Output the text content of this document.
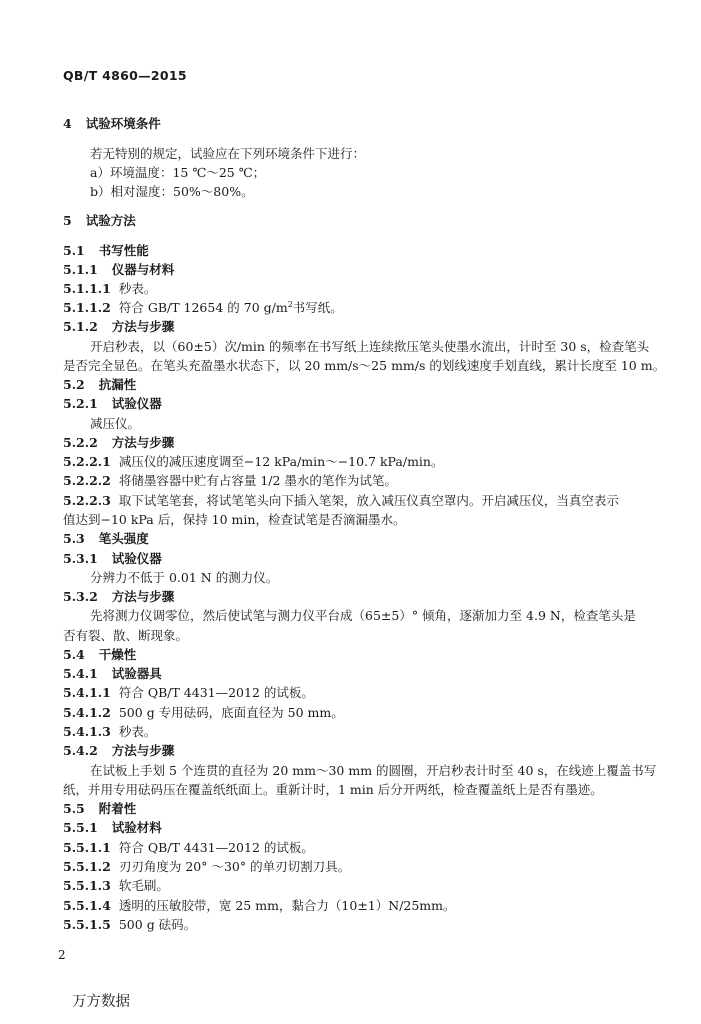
QB/T 4860—2015
4 试验环境条件
若无特别的规定，试验应在下列环境条件下进行：
a）环境温度：15 ℃～25 ℃；
b）相对湿度：50%～80%。
5 试验方法
5.1 书写性能
5.1.1 仪器与材料
5.1.1.1 秒表。
5.1.1.2 符合 GB/T 12654 的 70 $g/m^2$书写纸。
5.1.2 方法与步骤
开启秒表，以（60±5）次/min 的频率在书写纸上连续揿压笔头使墨水流出，计时至 30 s，检查笔头
是否完全显色。在笔头充盈墨水状态下，以 20 mm/s～25 mm/s 的划线速度手划直线，累计长度至 10 m。
5.2 抗漏性
5.2.1 试验仪器
减压仪。
5.2.2 方法与步骤
5.2.2.1 减压仪的减压速度调至−12 kPa/min～−10.7 kPa/min。
5.2.2.2 将储墨容器中贮有占容量 1/2 墨水的笔作为试笔。
5.2.2.3 取下试笔笔套，将试笔笔头向下插入笔架，放入减压仪真空罩内。开启减压仪，当真空表示
值达到−10 kPa 后，保持 10 min，检查试笔是否滴漏墨水。
5.3 笔头强度
5.3.1 试验仪器
分辨力不低于 0.01 N 的测力仪。
5.3.2 方法与步骤
先将测力仪调零位，然后使试笔与测力仪平台成（65±5）° 倾角，逐渐加力至 4.9 N，检查笔头是
否有裂、散、断现象。
5.4 干燥性
5.4.1 试验器具
5.4.1.1 符合 QB/T 4431—2012 的试板。
5.4.1.2 500 g 专用砝码，底面直径为 50 mm。
5.4.1.3 秒表。
5.4.2 方法与步骤
在试板上手划 5 个连贯的直径为 20 mm～30 mm 的圆圈，开启秒表计时至 40 s，在线迹上覆盖书写
纸，并用专用砝码压在覆盖纸纸面上。重新计时，1 min 后分开两纸，检查覆盖纸上是否有墨迹。
5.5 附着性
5.5.1 试验材料
5.5.1.1 符合 QB/T 4431—2012 的试板。
5.5.1.2 刃刃角度为 20° ～30° 的单刃切割刀具。
5.5.1.3 软毛刷。
5.5.1.4 透明的压敏胶带，宽 25 mm，黏合力（10±1）N/25mm。
5.5.1.5 500 g 砝码。
2
万方数据
